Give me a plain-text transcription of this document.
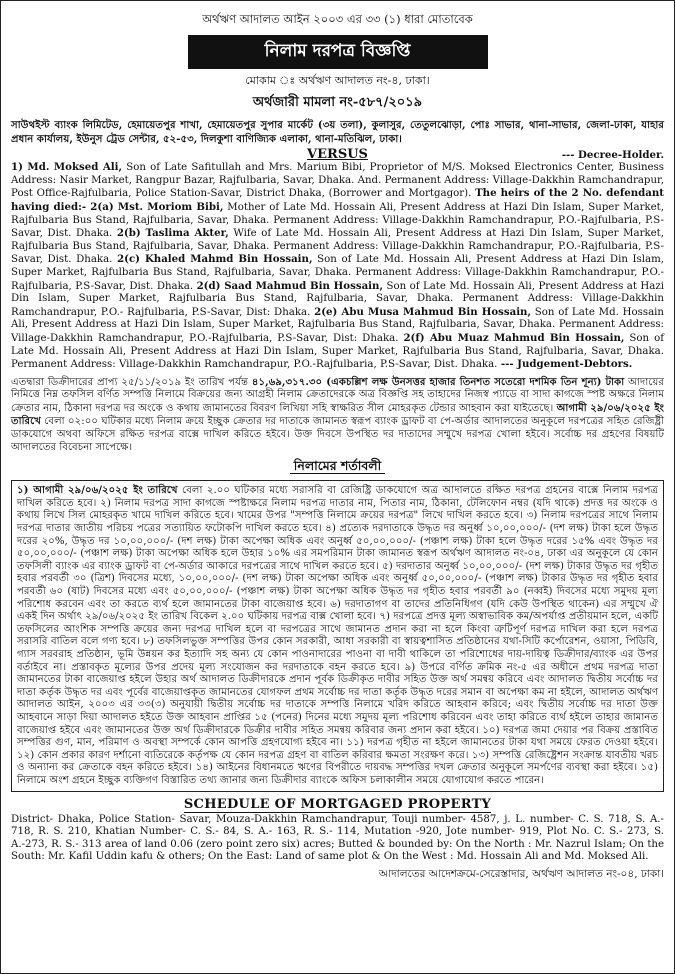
অর্থঋণ আদালত আইন ২০০৩ এর ৩৩ (১) ধারা মোতাবেক
নিলাম দরপত্র বিজ্ঞপ্তি
মোকাম ঃ অর্থঋণ আদালত নং-৪, ঢাকা।
অর্থজারী মামলা নং-৫৮৭/২০১৯
সাউথইস্ট ব্যাংক লিমিটেড, হেমায়েতপুর শাখা, হেমায়েতপুর সুপার মার্কেট (৩য় তলা), কুলাসুর, তেতুলঝোড়া, পোঃ সাভার, থানা-সাভার, জেলা-ঢাকা, যাহার প্রধান কার্যালয়, ইউনুস ট্রেড সেন্টার, ৫২-৫৩, দিলকুশা বাণিজ্যিক এলাকা, থানা-মতিঝিল, ঢাকা।
VERSUS	--- Decree-Holder.
1) Md. Moksed Ali, Son of Late Safitullah and Mrs. Marium Bibi, Proprietor of M/S. Moksed Electronics Center, Business Address: Nasir Market, Rangpur Bazar, Rajfulbaria, Savar, Dhaka. And. Permanent Address: Village-Dakkhin Ramchandrapur, Post Office-Rajfulbaria, Police Station-Savar, District Dhaka, (Borrower and Mortgagor). The heirs of the 2 No. defendant having died:- 2(a) Mst. Moriom Bibi, Mother of Late Md. Hossain Ali, Present Address at Hazi Din Islam, Super Market, Rajfulbaria Bus Stand, Rajfulbaria, Savar, Dhaka. Permanent Address: Village-Dakkhin Ramchandrapur, P.O.-Rajfulbaria, P.S- Savar, Dist. Dhaka. 2(b) Taslima Akter, Wife of Late Md. Hossain Ali, Present Address at Hazi Din Islam, Super Market, Rajfulbaria Bus Stand, Rajfulbaria, Savar, Dhaka. Permanent Address: Village-Dakkhin Ramchandrapur, P.O.-Rajfulbaria, P.S- Savar, Dist. Dhaka. 2(c) Khaled Mahmd Bin Hossain, Son of Late Md. Hossain Ali, Present Address at Hazi Din Islam, Super Market, Rajfulbaria Bus Stand, Rajfulbaria, Savar, Dhaka. Permanent Address: Village-Dakkhin Ramchandrapur, P.O.- Rajfulbaria, P.S-Savar, Dist. Dhaka. 2(d) Saad Mahmud Bin Hossain, Son of Late Md. Hossain Ali, Present Address at Hazi Din Islam, Super Market, Rajfulbaria Bus Stand, Rajfulbaria, Savar, Dhaka. Permanent Address: Village-Dakkhin Ramchandrapur, P.O.- Rajfulbaria, P.S-Savar, Dist: Dhaka. 2(e) Abu Musa Mahmud Bin Hossain, Son of Late Md. Hossain Ali, Present Address at Hazi Din Islam, Super Market, Rajfulbaria Bus Stand, Rajfulbaria, Savar, Dhaka. Permanent Address: Village-Dakkhin Ramchandrapur, P.O.-Rajfulbaria, P.S-Savar, Dist: Dhaka. 2(f) Abu Muaz Mahmud Bin Hossain, Son of Late Md. Hossain Ali, Present Address at Hazi Din Islam, Super Market, Rajfulbaria Bus Stand, Rajfulbaria, Savar, Dhaka. Permanent Address: Village-Dakkhin Ramchandrapur, P.O.-Rajfulbaria, P.S-Savar, Dist. Dhaka. --- Judgement-Debtors.
এতদ্বারা ডিক্রীদারের প্রাপ্য ২৫/১১/২০১৯ ইং তারিখ পর্যন্ত ৪১,৬৯,৩১৭.৩০ (একচল্লিশ লক্ষ উনসত্তর হাজার তিনশত সতেরো দশমিক তিন শূন্য) টাকা আদায়ের নিমিত্তে নিম্ন তফসিল বর্ণিত সম্পত্তি নিলামে বিক্রয়ের জন্য আগ্রহী নিলাম ক্রেতাদেরকে অত্র বিজ্ঞপ্তি সহ তাহাদের নিজস্ব প্যাডে বা সাদা কাগজে স্পষ্ট অক্ষরে নিলাম ক্রেতার নাম, ঠিকানা দরপত্র দর অংকে ও কথায় জামানতের বিবরণ লিখিয়া সহি স্বাক্ষরিত সীল মোহরকৃত টেন্ডার আহবান করা যাইতেছে। আগামী ২৯/০৬/২০২৫ ইং তারিখে বেলা ০২:০০ ঘটিকার মধ্যে নিলাম ক্রয়ে ইচ্ছুক ক্রেতার দর দাতাকে জামানত স্বরূপ ব্যাংক ড্রাফট বা পে-অর্ডার আদালতের অনুকূলে দরপত্রের সহিত রেজিষ্ট্রী ডাকযোগে অথবা অফিসে রক্ষিত দরপত্র বাক্সে দাখিল করিতে হইবে। উক্ত দিবসে উপস্থিত দর দাতাদের সম্মুখে দরপত্র খোলা হইবে। সর্বোচ্চ দর গ্রহণের বিষয়টি আদালতের বিবেচনা সাপেক্ষে।
নিলামের শর্তাবলী
১) আগামী ২৯/০৬/২০২৫ ইং তারিখে বেলা ২.০০ ঘটিকার মধ্যে সরাসরি বা রেজিষ্ট্রি ডাকযোগে অত্র আদালতে রক্ষিত দরপত্র গ্রহনের বাক্সে নিলাম দরপত্র দাখিল করিতে হবে। ২) নিলাম দরপত্র সাদা কাগজে স্পষ্টাক্ষরে নিলাম দরপত্র দাতার নাম, পিতার নাম, ঠিকানা, টেলিফোন নম্বর (যদি থাকে) প্রদত্ত দর অংকে ও কথায় লিখে সিল মোহরকৃত খামে দাখিল করিতে হবে। খামের উপর "সম্পত্তি নিলামে ক্রয়ের দরপত্র" লিখে দাখিল করতে হবে। ৩) নিলাম দরপত্রের সাথে নিলাম দরপত্র দাতার জাতীয় পরিচয় পত্রের সত্যায়িত ফটোকপি দাখিল করতে হবে। ৪) প্রত্যেক দরদাতাকে উদ্ধৃত দর অনুর্ধ্ব ১০,০০,০০০/- (দশ লক্ষ) টাকা হলে উদ্ধৃত দরের ২০%, উদ্ধৃত দর ১০,০০,০০০/- (দশ লক্ষ) টাকা অপেক্ষা অধিক এবং অনুর্ধ্ব ৫০,০০,০০০/- (পঞ্চাশ লক্ষ) টাকা হলে উদ্ধৃত দরের ১৫% এবং উদ্ধৃত দর ৫০,০০,০০০/- (পঞ্চাশ লক্ষ) টাকা অপেক্ষা অধিক হলে উহার ১০% এর সমপরিমান টাকা জামানত স্বরূপ অর্থঋণ আদালত নং-০৪, ঢাকা এর অনুকূলে যে কোন তফসিলী ব্যাংক এর ব্যাংক ড্রাফট বা পে-অর্ডার আকারে দরপত্রের সাথে দাখিল করতে হবে। ৫) দরদাতার অনুর্ধ্ব ১০,০০,০০০/- (দশ লক্ষ) টাকার উদ্ধৃত দর গৃহীত হবার পরবর্তী ৩০ (ত্রিশ) দিবসের মধ্যে, ১০,০০,০০০/- (দশ লক্ষ) টাকা অপেক্ষা অধিক এবং অনুর্ধ্ব ৫০,০০,০০০/- (পঞ্চাশ লক্ষ) টাকার উদ্ধৃত দর গৃহীত হবার পরবর্তী ৬০ (ষাট) দিবসের মধ্যে এবং ৫০,০০,০০০/- (পঞ্চাশ লক্ষ) টাকা অপেক্ষা অধিক উদ্ধৃত দর গৃহীত হবার পরবর্তী ৯০ (নব্বই) দিবসের মধ্যে সমুদয় মূল্য পরিশোধ করবেন এবং তা করতে ব্যর্থ হলে জামানতের টাকা বাজেয়াপ্ত হবে। ৬) দরদাতাগণ বা তাদের প্রতিনিধিগণ (যদি কেউ উপস্থিত থাকেন) এর সম্মুখে ঐ একই দিন অর্থাৎ ২৯/০৬/২০২৫ ইং তারিখ বিকেল ২.০০ ঘটিকায় দরপত্র বাক্স খোলা হবে। ৭) দরপত্রে প্রদত্ত মূল্য অস্বাভাবিক কম/অপর্যাপ্ত প্রতীয়মান হলে, একটি তফসিলের আংশিক সম্পত্তি ক্রয়ের জন্য দরপত্র দাখিল হলে বা দরপত্রের সাথে জামানত প্রদান করা না হলে কিংবা ত্রুটিপূর্ণ দরপত্র দাখিল করা হলে দরপত্র সরাসরি বাতিল বলে গণ্য হবে। ৮) তফসিলভুক্ত সম্পত্তির উপর কোন সরকারী, আধা সরকারী বা স্বায়ত্বশাসিত প্রতিষ্ঠানের যথা-সিটি কর্পোরেশন, ওয়াসা, পিডিবি, গ্যাস সরবরাহ প্রতিষ্ঠান, ভূমি উন্নয়ন কর ইত্যাদি সহ অন্য যে কোন পাওনাদারের পাওনা বা দাবী থাকিলে তা পরিশোধের দায়-দায়িত্ব ডিক্রীদার/ব্যাংক এর উপর বর্তাইবে না। প্রস্তাবকৃত মূল্যের উপর প্রদেয় মূল্য সংযোজন কর দরদাতাকে বহন করতে হবে। ৯) উপরে বর্ণিত ক্রমিক নং-৫ এর অধীনে প্রথম দরপত্র দাতা জামানতের টাকা বাজেয়াপ্ত হইলে উহার অর্থ আদালত ডিক্রীদারকে প্রদান পূর্বক ডিক্রীকৃত দাবীর সহিত উক্ত অর্থ সমন্বয় করিবে এবং আদালত দ্বিতীয় সর্বোচ্চ দর দাতা কর্তৃক উদ্ধৃত দর এবং পূর্বের বাজেয়াপ্তকৃত জামানতের যোগফল প্রথম সর্বোচ্চ দর দাতা কর্তৃক উদ্ধৃত দরের সমান বা অপেক্ষা কম না হইলে, আদালত অর্থঋণ আদালত আইন, ২০০৩ এর ৩৩(৩) অনুযায়ী দ্বিতীয় সর্বোচ্চ দর দাতাকে সম্পত্তি নিলামে খরিদ করিতে আহবান করিবে; এবং দ্বিতীয় সর্বোচ্চ দর দাতা উক্ত আহবানে সাড়া দিয়া আদালত হইতে উক্ত আহবান প্রাপ্তির ১৫ (পনের) দিনের মধ্যে সমুদয় মূল্য পরিশোধ করিবেন এবং তাহা করিতে ব্যর্থ হইলে তাহার জামানত বাজেয়াপ্ত হইবে এবং জামানতের উক্ত অর্থ ডিক্রীদারকে ডিক্রীর দাবীর সহিত সমন্বয় করিবার জন্য প্রদান করা হইবে। ১০) দরপত্র জমা দেয়ার পর বিক্রয় প্রস্তাবিত সম্পত্তির গুণ, মান, পরিমাণ ও অবস্থা সম্পর্কে কোন আপত্তি গ্রহণযোগ্য হইবে না। ১১) দরপত্র গৃহীত না হইলে জামানতের টাকা যথা সময়ে ফেরত দেওয়া হইবে। ১২) কোন প্রকার কারণ দর্শানো ব্যতিরেকে কর্তৃপক্ষ যে কোন দরপত্র গ্রহণ বা বাতিল করিবার ক্ষমতা সংরক্ষণ করে। ১৩) সম্পত্তি রেজিষ্ট্রেশন সংক্রান্ত যাবতীয় খরচ ও অন্যান্য কর ক্রেতাকে বহন করিতে হইবে। ১৪) আইনের বিধানমতে ঋণের বিপরীতে দায়বদ্ধ সম্পত্তির দখল ক্রেতার অনুকূলে সমর্পণের ব্যবস্থা করা হইবে। ১৫) নিলামে অংশ গ্রহনে ইচ্ছুক ব্যক্তিগণ বিস্তারিত তথ্য জানার জন্য ডিক্রীদার ব্যাংকে অফিস চলাকালীন সময়ে যোগাযোগ করতে পারেন।
SCHEDULE OF MORTGAGED PROPERTY
District- Dhaka, Police Station- Savar, Mouza-Dakkhin Ramchandrapur, Touji number- 4587, j. L. number- C. S. 718, S. A.- 718, R. S. 210, Khatian Number- C. S.- 84, S. A.- 163, R. S.- 114, Mutation -920, Jote number- 919, Plot No. C. S.- 273, S. A.-273, R. S.- 313 area of land 0.06 (zero point zero six) acres; Butted & bounded by: On the North : Mr. Nazrul Islam; On the South: Mr. Kafil Uddin kafu & others; On the East: Land of same plot & On the West : Md. Hossain Ali and Md. Moksed Ali.
আদালতের আদেশক্রমে-সেরেস্তাদার, অর্থঋণ আদালত নং-০৪, ঢাকা।
